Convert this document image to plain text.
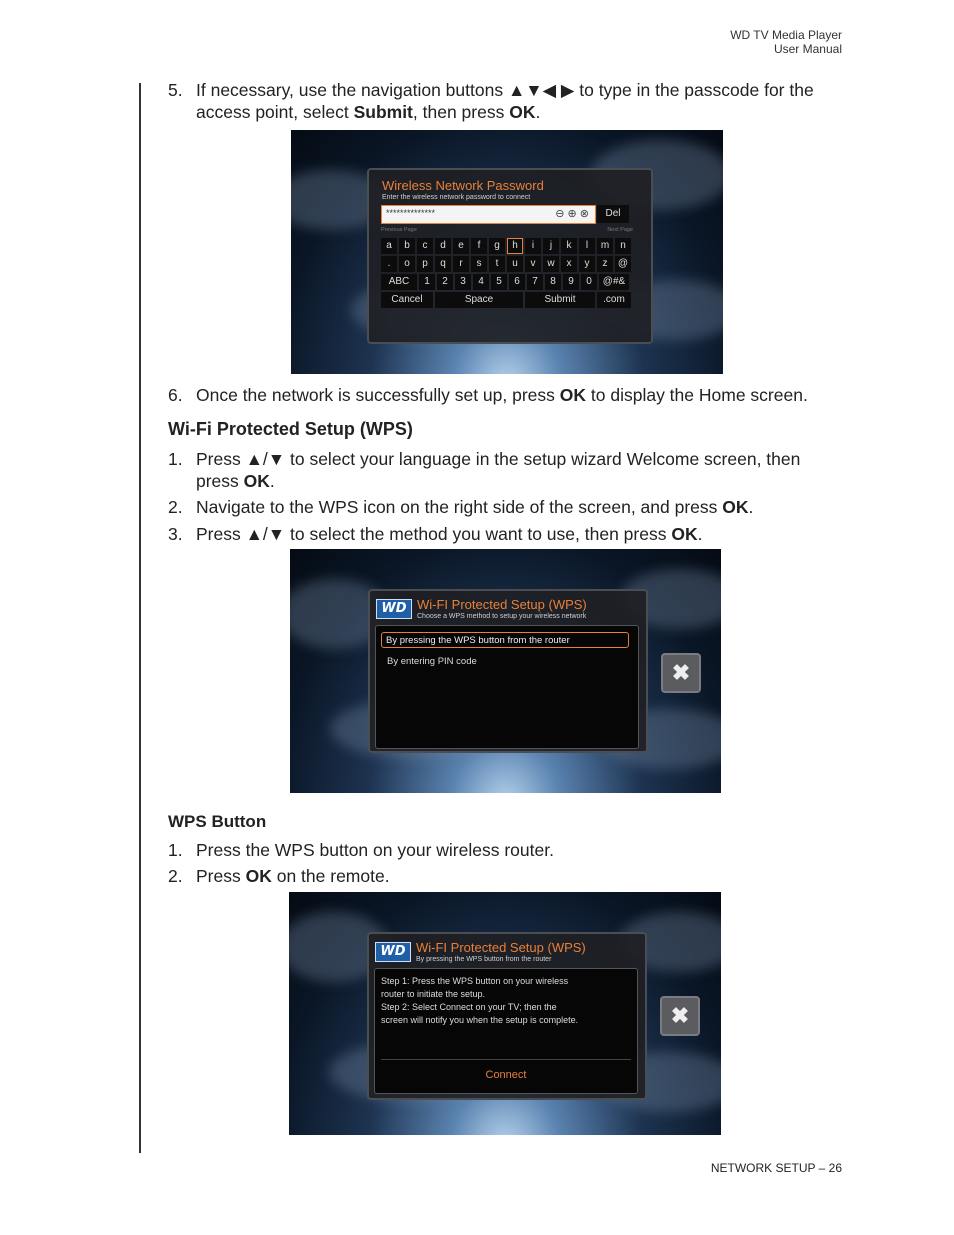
WD TV Media Player
User Manual
5. If necessary, use the navigation buttons ▲▼◀ ▶ to type in the passcode for the access point, select Submit, then press OK.
Wireless Network Password
Enter the wireless network password to connect
**************	⊖ ⊕ ⊗	Del
Previous Page	Next Page
a	b	c	d	e	f	g	h	i	j	k	l	m	n
.	o	p	q	r	s	t	u	v	w	x	y	z	@
ABC	1	2	3	4	5	6	7	8	9	0	@#&
Cancel	Space	Submit	.com
6. Once the network is successfully set up, press OK to display the Home screen.
Wi-Fi Protected Setup (WPS)
1. Press ▲/▼ to select your language in the setup wizard Welcome screen, then press OK.
2. Navigate to the WPS icon on the right side of the screen, and press OK.
3. Press ▲/▼ to select the method you want to use, then press OK.
WD Wi-FI Protected Setup (WPS)
Choose a WPS method to setup your wireless network
By pressing the WPS button from the router
By entering PIN code	✖
WPS Button
1. Press the WPS button on your wireless router.
2. Press OK on the remote.
WD Wi-FI Protected Setup (WPS)
By pressing the WPS button from the router
Step 1: Press the WPS button on your wireless
router to initiate the setup.
Step 2: Select Connect on your TV; then the
screen will notify you when the setup is complete.
Connect
✖
NETWORK SETUP – 26
